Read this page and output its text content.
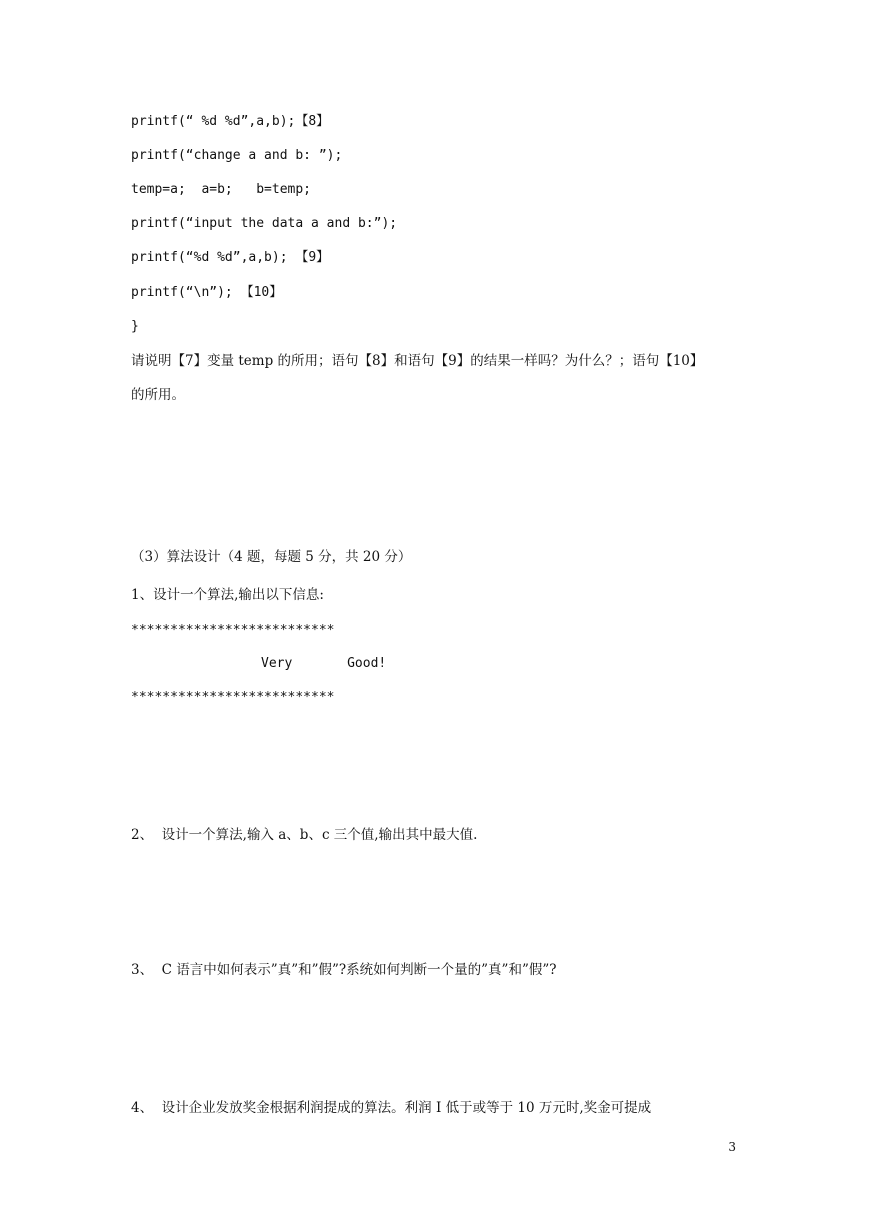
printf(“ %d %d”,a,b);【8】
printf(“change a and b: ”);
temp=a;  a=b;   b=temp;
printf(“input the data a and b:”);
printf(“%d %d”,a,b); 【9】
printf(“\n”); 【10】
}
请说明【7】变量 temp 的所用；语句【8】和语句【9】的结果一样吗？为什么？；语句【10】
的所用。
（3）算法设计（4 题，每题 5 分，共 20 分）
1、设计一个算法,输出以下信息:
**************************
Very       Good!
**************************
2、  设计一个算法,输入 a、b、c 三个值,输出其中最大值.
3、  C 语言中如何表示”真”和”假”?系统如何判断一个量的”真”和”假”?
4、  设计企业发放奖金根据利润提成的算法。利润 I 低于或等于 10 万元时,奖金可提成
3
